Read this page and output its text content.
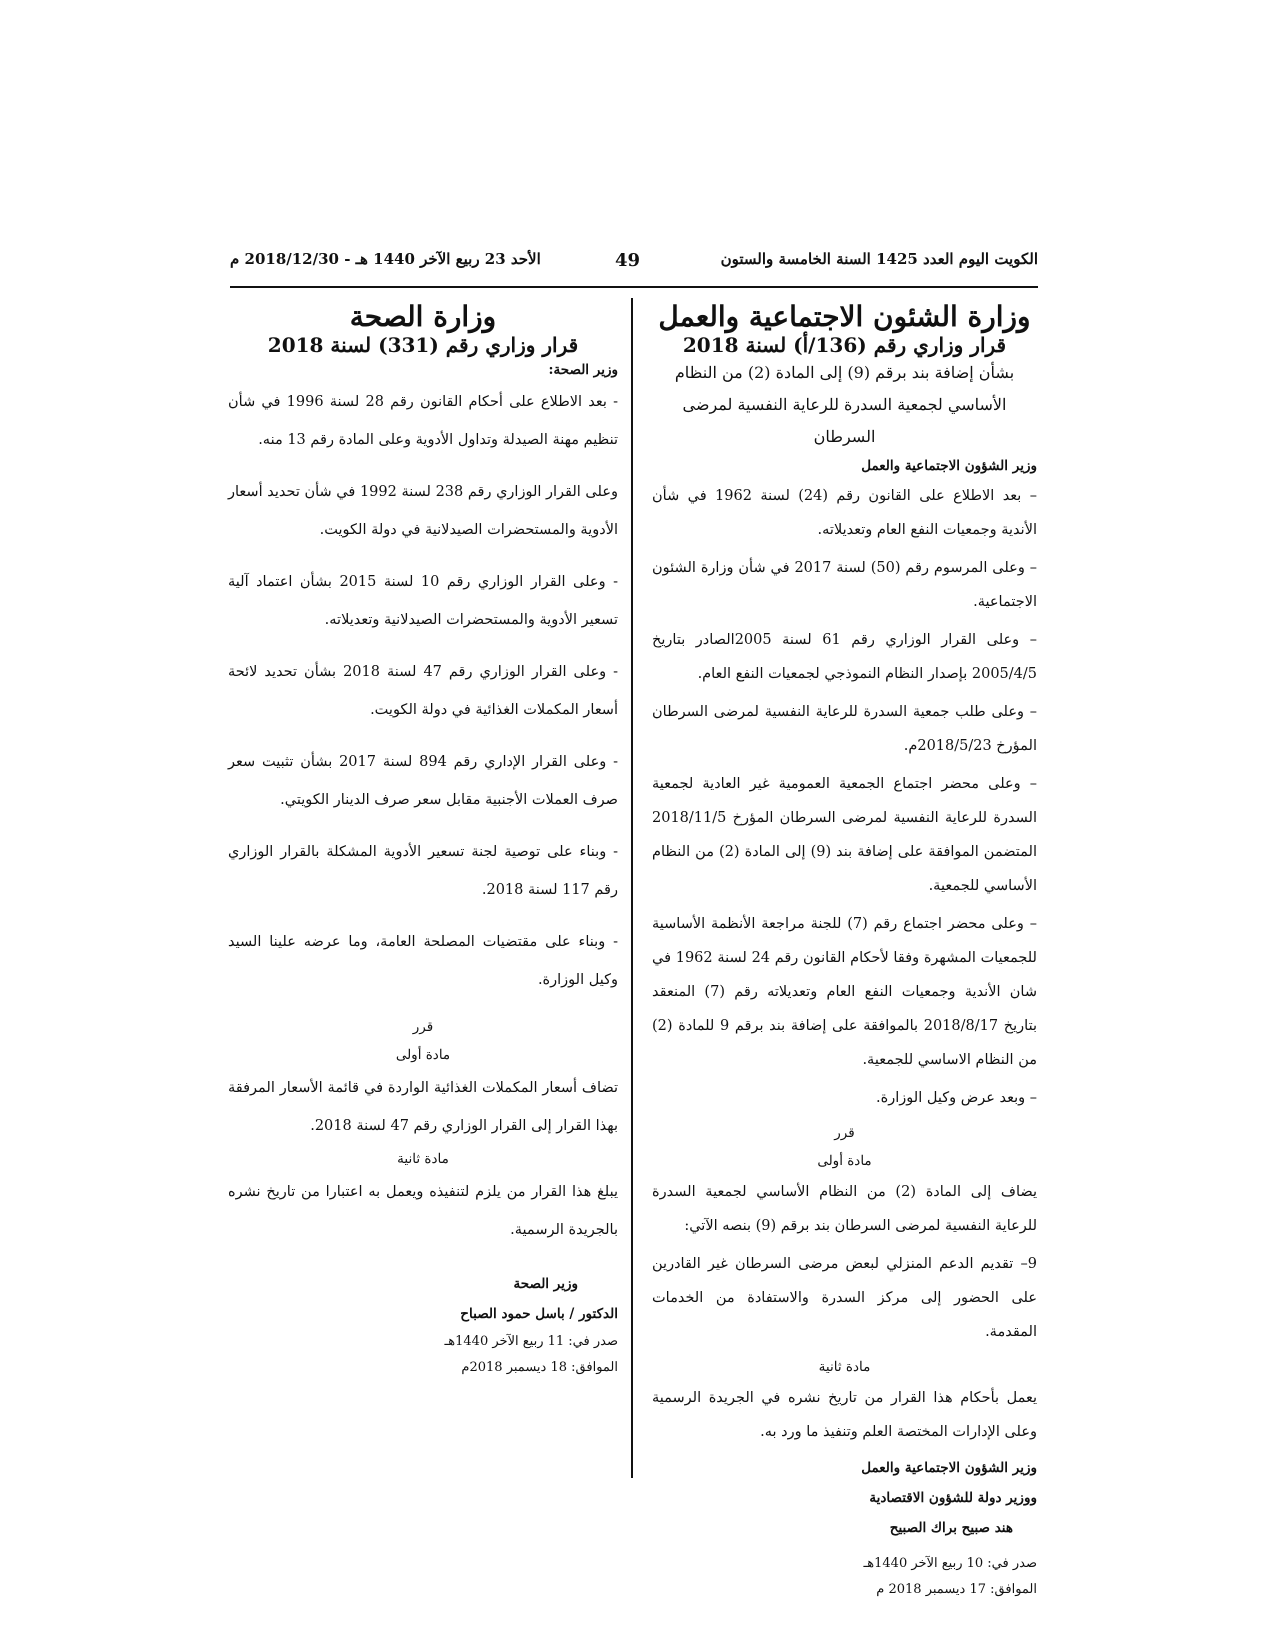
الكويت اليوم العدد 1425 السنة الخامسة والستون
49
الأحد 23 ربيع الآخر 1440 هـ - 2018/12/30 م

وزارة الشئون الاجتماعية والعمل

قرار وزاري رقم (136/أ) لسنة 2018

بشأن إضافة بند برقم (9) إلى المادة (2) من النظام الأساسي لجمعية السدرة للرعاية النفسية لمرضى السرطان

وزير الشؤون الاجتماعية والعمل

– بعد الاطلاع على القانون رقم (24) لسنة 1962 في شأن الأندية وجمعيات النفع العام وتعديلاته.

– وعلى المرسوم رقم (50) لسنة 2017 في شأن وزارة الشئون الاجتماعية.

– وعلى القرار الوزاري رقم 61 لسنة 2005الصادر بتاريخ 2005/4/5 بإصدار النظام النموذجي لجمعيات النفع العام.

– وعلى طلب جمعية السدرة للرعاية النفسية لمرضى السرطان المؤرخ 2018/5/23م.

– وعلى محضر اجتماع الجمعية العمومية غير العادية لجمعية السدرة للرعاية النفسية لمرضى السرطان المؤرخ 2018/11/5 المتضمن الموافقة على إضافة بند (9) إلى المادة (2) من النظام الأساسي للجمعية.

– وعلى محضر اجتماع رقم (7) للجنة مراجعة الأنظمة الأساسية للجمعيات المشهرة وفقا لأحكام القانون رقم 24 لسنة 1962 في شان الأندية وجمعيات النفع العام وتعديلاته رقم (7) المنعقد بتاريخ 2018/8/17 بالموافقة على إضافة بند برقم 9 للمادة (2) من النظام الاساسي للجمعية.

– وبعد عرض وكيل الوزارة.

قرر

مادة أولى

يضاف إلى المادة (2) من النظام الأساسي لجمعية السدرة للرعاية النفسية لمرضى السرطان بند برقم (9) بنصه الآتي:

9– تقديم الدعم المنزلي لبعض مرضى السرطان غير القادرين على الحضور إلى مركز السدرة والاستفادة من الخدمات المقدمة.

مادة ثانية

يعمل بأحكام هذا القرار من تاريخ نشره في الجريدة الرسمية وعلى الإدارات المختصة العلم وتنفيذ ما ورد به.

وزير الشؤون الاجتماعية والعمل

ووزير دولة للشؤون الاقتصادية

هند صبيح براك الصبيح

صدر في: 10 ربيع الآخر 1440هـ

الموافق: 17 ديسمبر 2018 م

وزارة الصحة

قرار وزاري رقم (331) لسنة 2018

وزير الصحة:

- بعد الاطلاع على أحكام القانون رقم 28 لسنة 1996 في شأن تنظيم مهنة الصيدلة وتداول الأدوية وعلى المادة رقم 13 منه.

وعلى القرار الوزاري رقم 238 لسنة 1992 في شأن تحديد أسعار الأدوية والمستحضرات الصيدلانية في دولة الكويت.

- وعلى القرار الوزاري رقم 10 لسنة 2015 بشأن اعتماد آلية تسعير الأدوية والمستحضرات الصيدلانية وتعديلاته.

- وعلى القرار الوزاري رقم 47 لسنة 2018 بشأن تحديد لائحة أسعار المكملات الغذائية في دولة الكويت.

- وعلى القرار الإداري رقم 894 لسنة 2017 بشأن تثبيت سعر صرف العملات الأجنبية مقابل سعر صرف الدينار الكويتي.

- وبناء على توصية لجنة تسعير الأدوية المشكلة بالقرار الوزاري رقم 117 لسنة 2018.

- وبناء على مقتضيات المصلحة العامة، وما عرضه علينا السيد وكيل الوزارة.

قرر

مادة أولى

تضاف أسعار المكملات الغذائية الواردة في قائمة الأسعار المرفقة بهذا القرار إلى القرار الوزاري رقم 47 لسنة 2018.

مادة ثانية

يبلغ هذا القرار من يلزم لتنفيذه ويعمل به اعتبارا من تاريخ نشره بالجريدة الرسمية.

وزير الصحة

الدكتور / باسل حمود الصباح

صدر في: 11 ربيع الآخر 1440هـ

الموافق: 18 ديسمبر 2018م
